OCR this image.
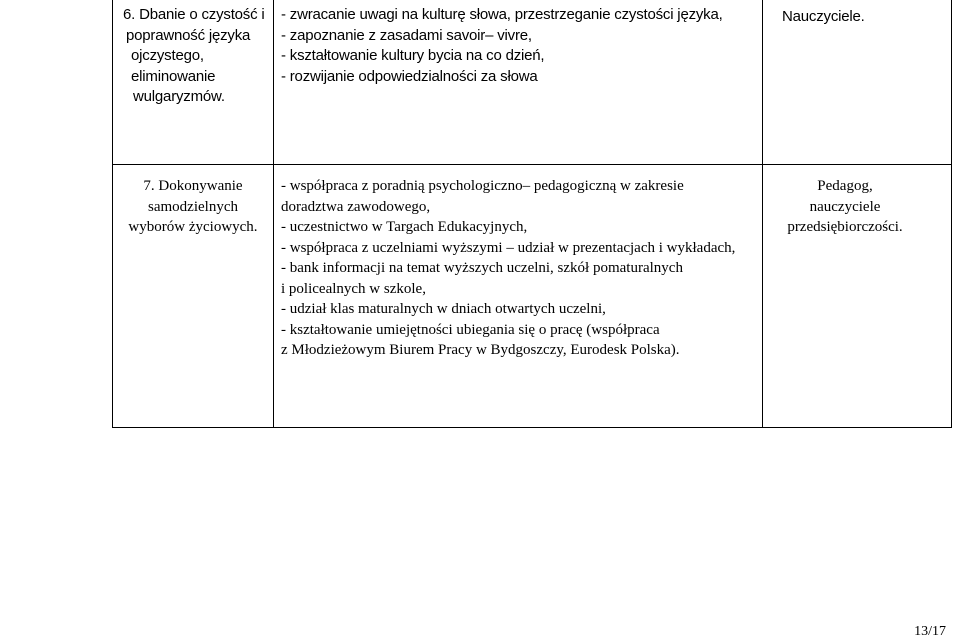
6. Dbanie o czystość i
poprawność języka
ojczystego,
eliminowanie
wulgaryzmów.
- zwracanie uwagi na kulturę słowa, przestrzeganie czystości języka,
- zapoznanie z zasadami savoir– vivre,
- kształtowanie kultury bycia na co dzień,
- rozwijanie odpowiedzialności za słowa
Nauczyciele.
7. Dokonywanie
samodzielnych
wyborów życiowych.
- współpraca z poradnią psychologiczno– pedagogiczną w zakresie
doradztwa zawodowego,
- uczestnictwo w Targach Edukacyjnych,
- współpraca z uczelniami wyższymi – udział w prezentacjach i wykładach,
- bank informacji na temat wyższych uczelni, szkół pomaturalnych
i policealnych w szkole,
- udział klas maturalnych w dniach otwartych uczelni,
- kształtowanie umiejętności ubiegania się o pracę (współpraca
z Młodzieżowym Biurem Pracy w Bydgoszczy, Eurodesk Polska).
Pedagog,
nauczyciele
przedsiębiorczości.
13/17
